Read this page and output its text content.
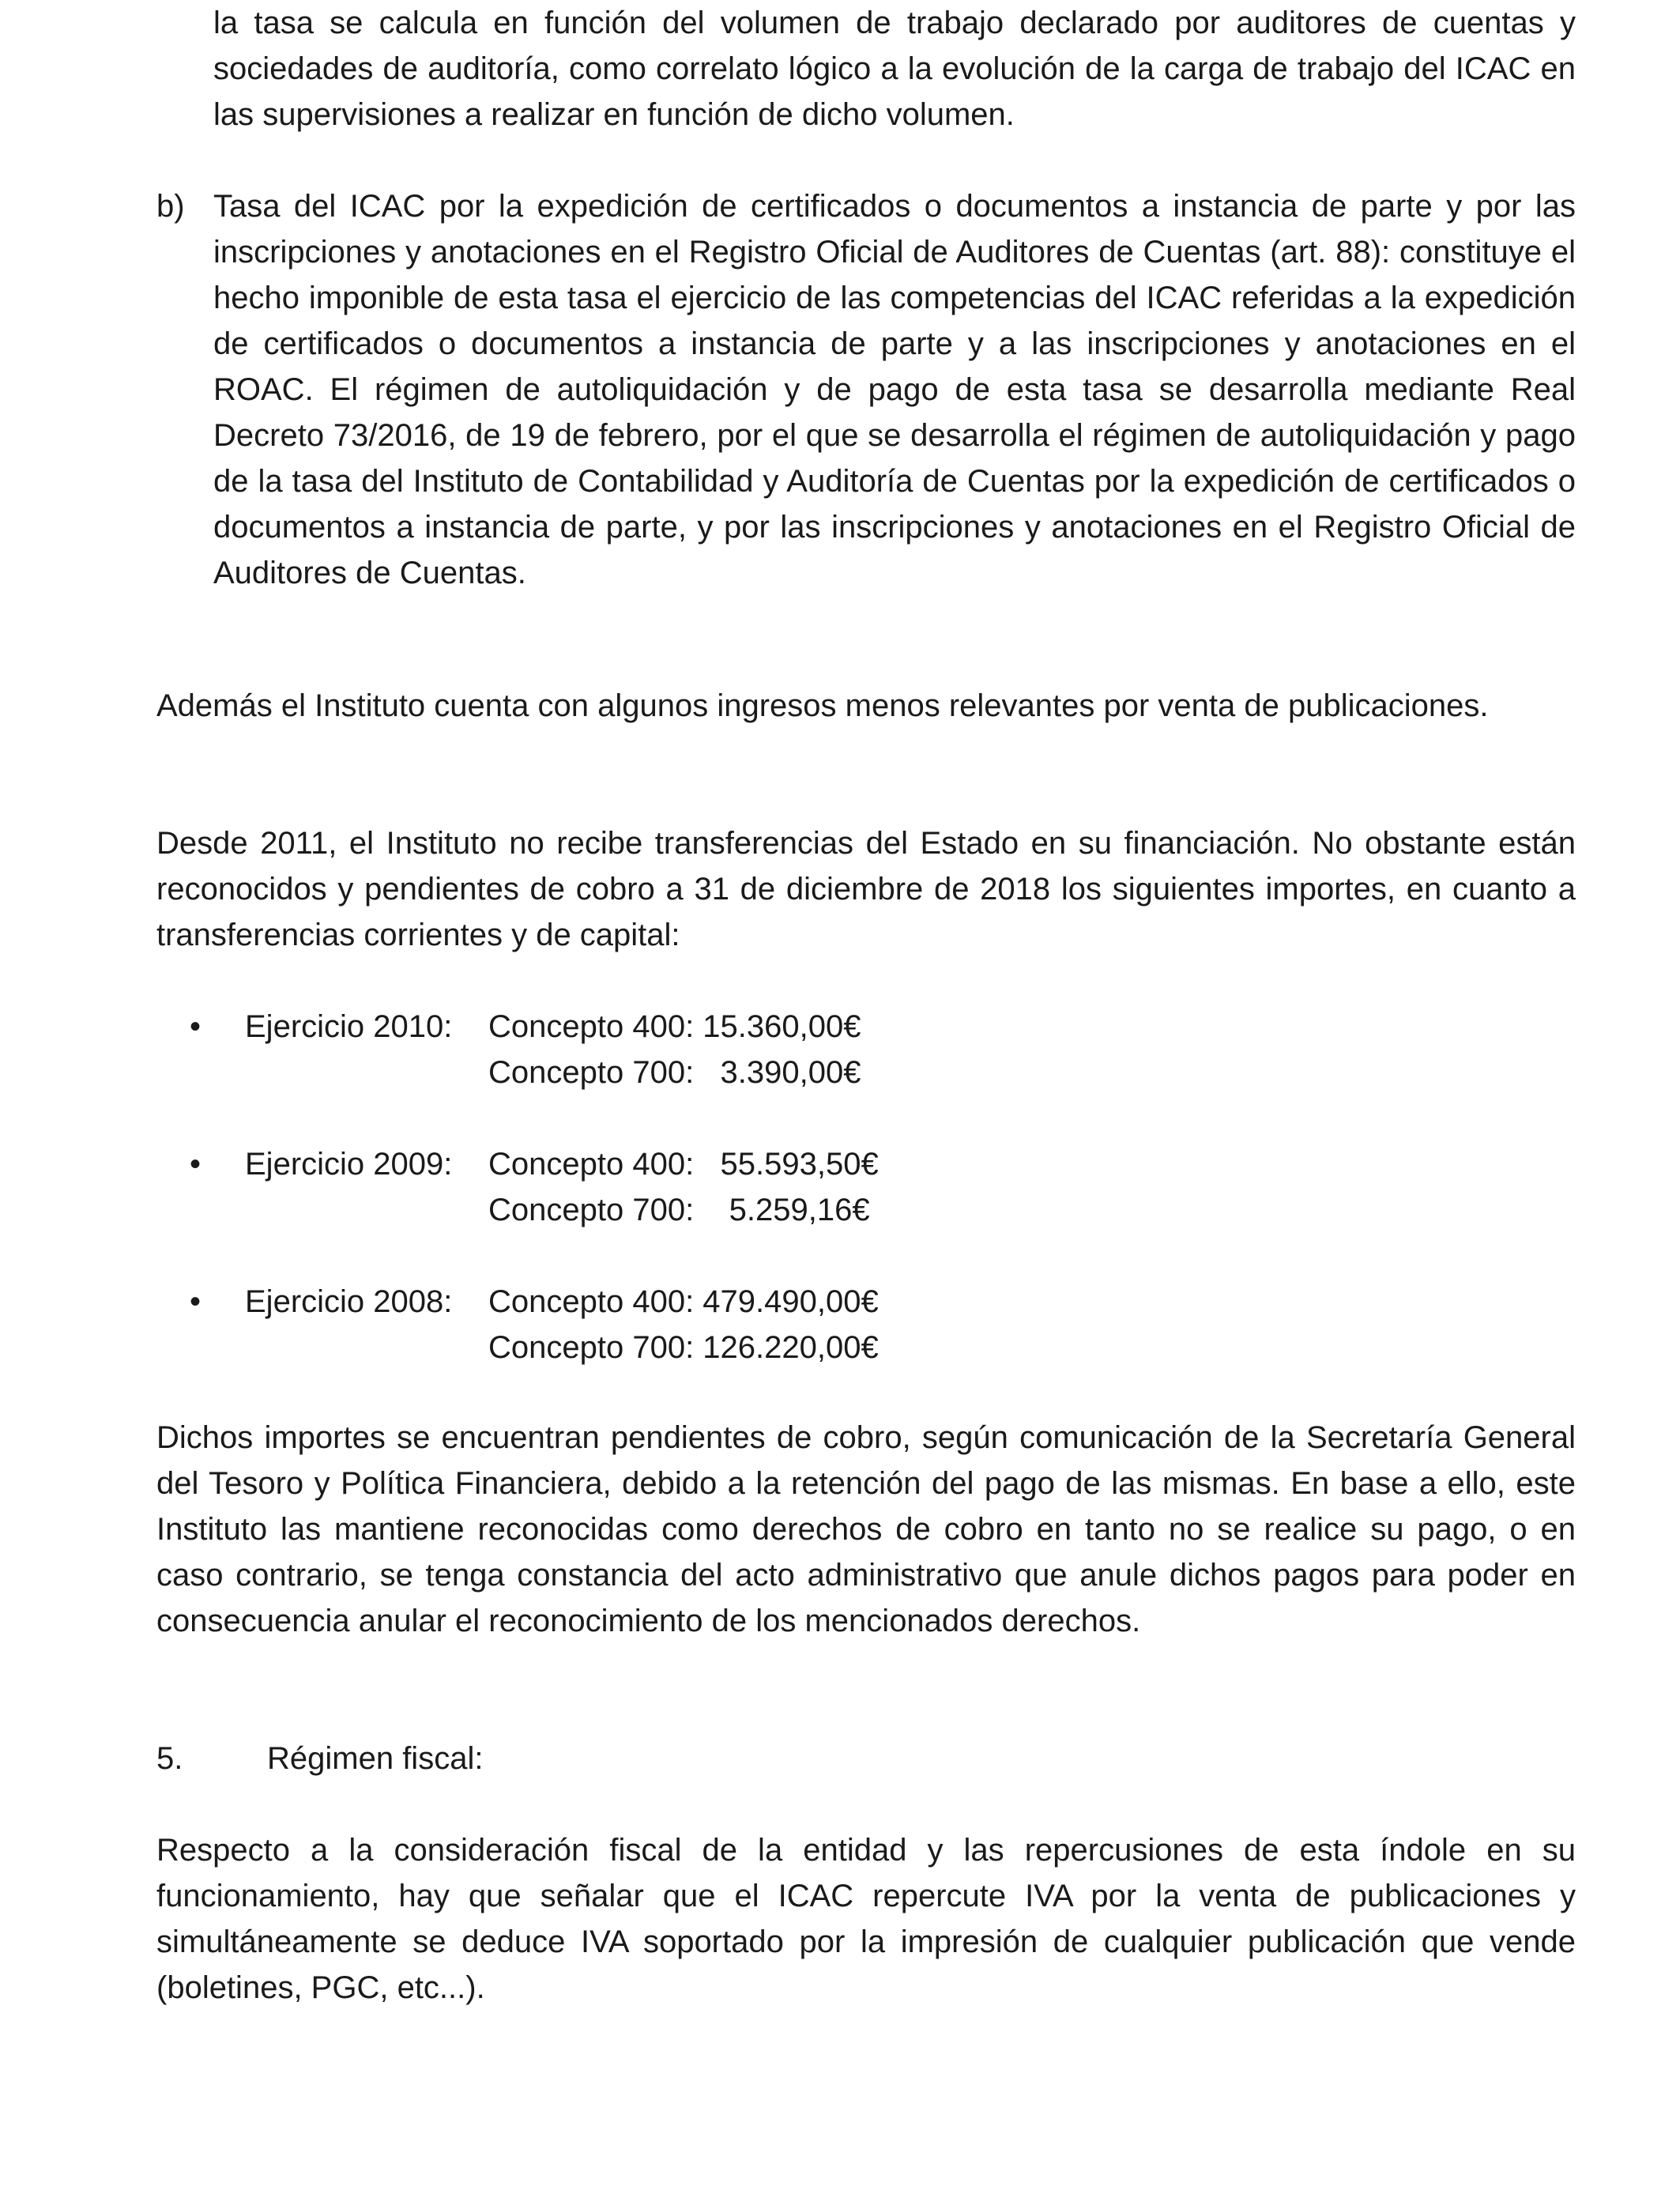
la tasa se calcula en función del volumen de trabajo declarado por auditores de cuentas y sociedades de auditoría, como correlato lógico a la evolución de la carga de trabajo del ICAC en las supervisiones a realizar en función de dicho volumen.

b) Tasa del ICAC por la expedición de certificados o documentos a instancia de parte y por las inscripciones y anotaciones en el Registro Oficial de Auditores de Cuentas (art. 88): constituye el hecho imponible de esta tasa el ejercicio de las competencias del ICAC referidas a la expedición de certificados o documentos a instancia de parte y a las inscripciones y anotaciones en el ROAC. El régimen de autoliquidación y de pago de esta tasa se desarrolla mediante Real Decreto 73/2016, de 19 de febrero, por el que se desarrolla el régimen de autoliquidación y pago de la tasa del Instituto de Contabilidad y Auditoría de Cuentas por la expedición de certificados o documentos a instancia de parte, y por las inscripciones y anotaciones en el Registro Oficial de Auditores de Cuentas.

Además el Instituto cuenta con algunos ingresos menos relevantes por venta de publicaciones.

Desde 2011, el Instituto no recibe transferencias del Estado en su financiación. No obstante están reconocidos y pendientes de cobro a 31 de diciembre de 2018 los siguientes importes, en cuanto a transferencias corrientes y de capital:

• Ejercicio 2010: Concepto 400: 15.360,00€
Concepto 700:   3.390,00€
• Ejercicio 2009: Concepto 400:   55.593,50€
Concepto 700:    5.259,16€
• Ejercicio 2008: Concepto 400: 479.490,00€
Concepto 700: 126.220,00€

Dichos importes se encuentran pendientes de cobro, según comunicación de la Secretaría General del Tesoro y Política Financiera, debido a la retención del pago de las mismas. En base a ello, este Instituto las mantiene reconocidas como derechos de cobro en tanto no se realice su pago, o en caso contrario, se tenga constancia del acto administrativo que anule dichos pagos para poder en consecuencia anular el reconocimiento de los mencionados derechos.

5.	Régimen fiscal:

Respecto a la consideración fiscal de la entidad y las repercusiones de esta índole en su funcionamiento, hay que señalar que el ICAC repercute IVA por la venta de publicaciones y simultáneamente se deduce IVA soportado por la impresión de cualquier publicación que vende (boletines, PGC, etc...).
